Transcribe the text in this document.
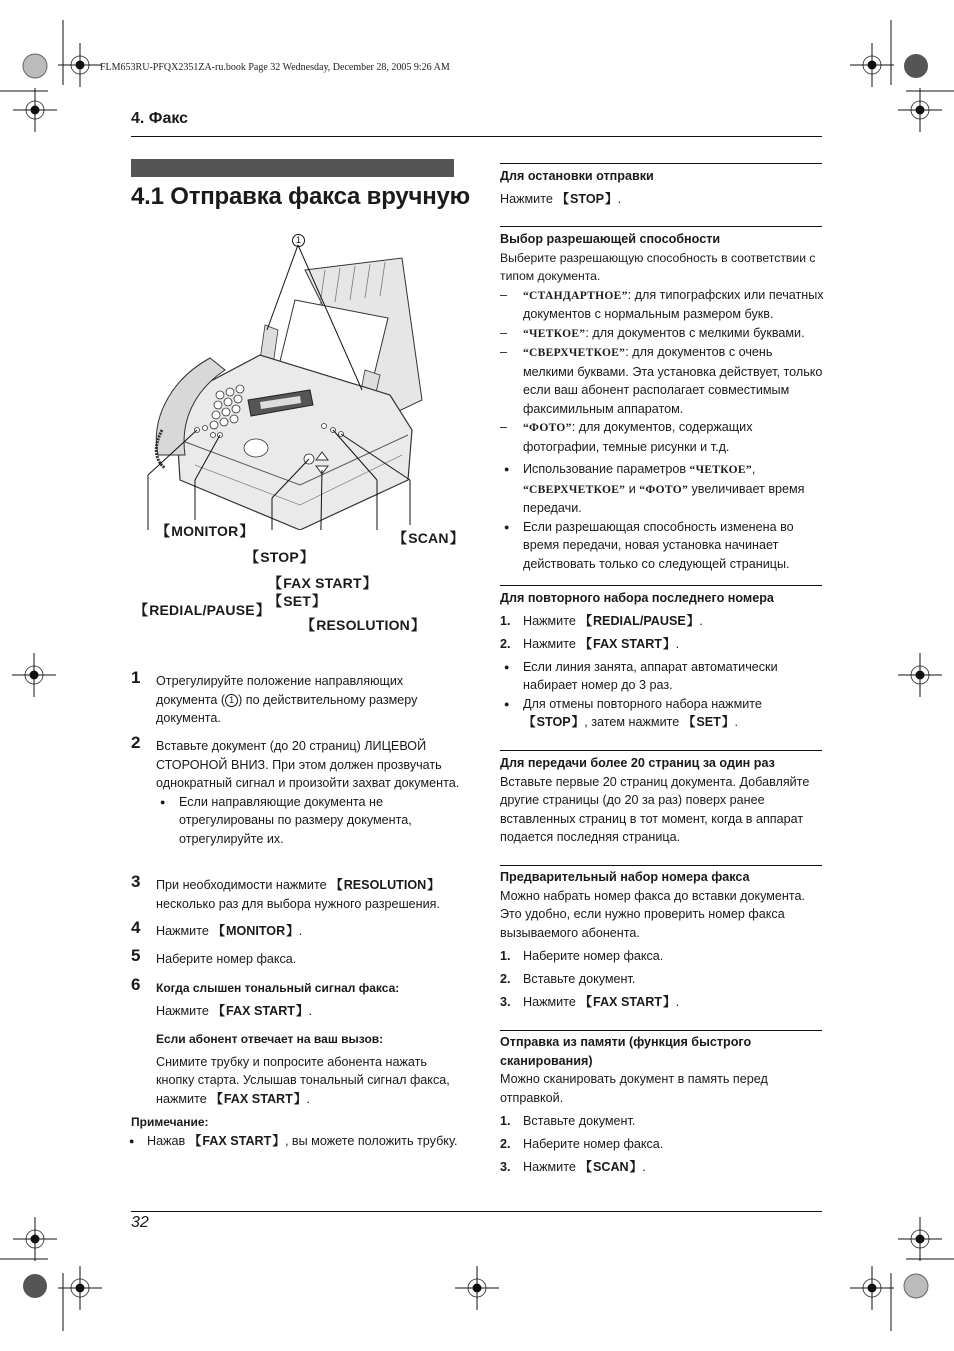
FLM653RU-PFQX2351ZA-ru.book Page 32 Wednesday, December 28, 2005 9:26 AM
4. Факс
4.1 Отправка факса вручную
1
【 MONITOR 】
【 STOP 】
【 FAX START 】
【 SET 】
【 REDIAL/PAUSE 】
【 RESOLUTION 】
【 SCAN 】
1 Отрегулируйте положение направляющих документа ( 1 ) по действительному размеру документа.
2 Вставьте документ (до 20 страниц) ЛИЦЕВОЙ СТОРОНОЙ ВНИЗ. При этом должен прозвучать однократный сигнал и произойти захват документа.
● Если направляющие документа не отрегулированы по размеру документа, отрегулируйте их.
3 При необходимости нажмите 【 RESOLUTION 】 несколько раз для выбора нужного разрешения.
4 Нажмите 【 MONITOR 】 .
5 Наберите номер факса.
6 Когда слышен тональный сигнал факса:
Нажмите 【 FAX START 】 .
Если абонент отвечает на ваш вызов:
Снимите трубку и попросите абонента нажать кнопку старта. Услышав тональный сигнал факса, нажмите 【 FAX START 】 .
Примечание:
● Нажав 【 FAX START 】 , вы можете положить трубку.
Для остановки отправки
Нажмите 【 STOP 】 .
Выбор разрешающей способности
Выберите разрешающую способность в соответствии с типом документа.
– “СТАНДАРТНОЕ”: для типографских или печатных документов с нормальным размером букв.
– “ЧЕТКОЕ”: для документов с мелкими буквами.
– “СВЕРХЧЕТКОЕ”: для документов с очень мелкими буквами. Эта установка действует, только если ваш абонент располагает совместимым факсимильным аппаратом.
– “ФОТО”: для документов, содержащих фотографии, темные рисунки и т.д.
● Использование параметров “ЧЕТКОЕ”, “СВЕРХЧЕТКОЕ” и “ФОТО” увеличивает время передачи.
● Если разрешающая способность изменена во время передачи, новая установка начинает действовать только со следующей страницы.
Для повторного набора последнего номера
1. Нажмите 【 REDIAL/PAUSE 】 .
2. Нажмите 【 FAX START 】 .
● Если линия занята, аппарат автоматически набирает номер до 3 раз.
● Для отмены повторного набора нажмите 【 STOP 】 , затем нажмите 【 SET 】 .
Для передачи более 20 страниц за один раз
Вставьте первые 20 страниц документа. Добавляйте другие страницы (до 20 за раз) поверх ранее вставленных страниц в тот момент, когда в аппарат подается последняя страница.
Предварительный набор номера факса
Можно набрать номер факса до вставки документа. Это удобно, если нужно проверить номер факса вызываемого абонента.
1. Наберите номер факса.
2. Вставьте документ.
3. Нажмите 【 FAX START 】 .
Отправка из памяти (функция быстрого сканирования)
Можно сканировать документ в память перед отправкой.
1. Вставьте документ.
2. Наберите номер факса.
3. Нажмите 【 SCAN 】 .
32
